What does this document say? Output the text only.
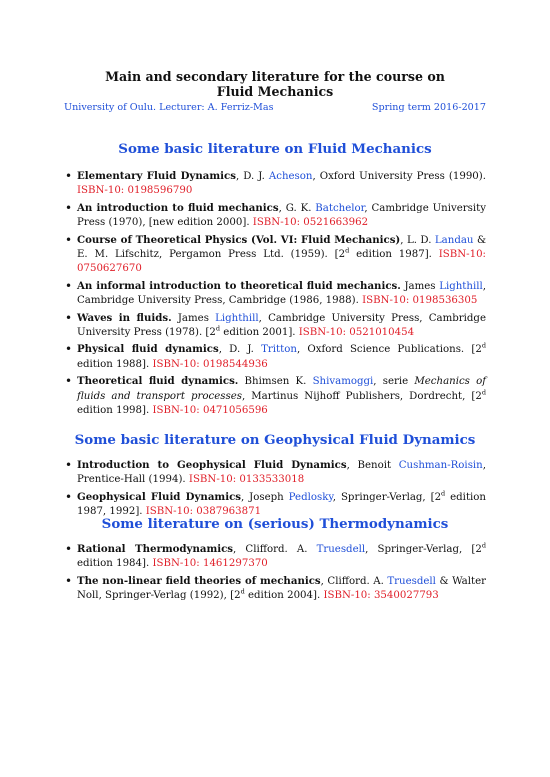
Main and secondary literature for the course on
Fluid Mechanics
University of Oulu. Lecturer: A. Ferriz-Mas	Spring term 2016-2017
Some basic literature on Fluid Mechanics
• Elementary Fluid Dynamics, D. J. Acheson, Oxford University Press (1990). ISBN-10: 0198596790
• An introduction to fluid mechanics, G. K. Batchelor, Cambridge University Press (1970), [new edition 2000]. ISBN-10: 0521663962
• Course of Theoretical Physics (Vol. VI: Fluid Mechanics), L. D. Landau & E. M. Lifschitz, Pergamon Press Ltd. (1959). [2$^d$ edition 1987]. ISBN-10: 0750627670
• An informal introduction to theoretical fluid mechanics. James Lighthill, Cambridge University Press, Cambridge (1986, 1988). ISBN-10: 0198536305
• Waves in fluids. James Lighthill, Cambridge University Press, Cambridge University Press (1978). [2$^d$ edition 2001]. ISBN-10: 0521010454
• Physical fluid dynamics, D. J. Tritton, Oxford Science Publications. [2$^d$ edition 1988]. ISBN-10: 0198544936
• Theoretical fluid dynamics. Bhimsen K. Shivamoggi, serie Mechanics of fluids and transport processes, Martinus Nijhoff Publishers, Dordrecht, [2$^d$ edition 1998]. ISBN-10: 0471056596
Some basic literature on Geophysical Fluid Dynamics
• Introduction to Geophysical Fluid Dynamics, Benoit Cushman-Roisin, Prentice-Hall (1994). ISBN-10: 0133533018
• Geophysical Fluid Dynamics, Joseph Pedlosky, Springer-Verlag, [2$^d$ edition 1987, 1992]. ISBN-10: 0387963871
Some literature on (serious) Thermodynamics
• Rational Thermodynamics, Clifford. A. Truesdell, Springer-Verlag, [2$^d$ edition 1984]. ISBN-10: 1461297370
• The non-linear field theories of mechanics, Clifford. A. Truesdell & Walter Noll, Springer-Verlag (1992), [2$^d$ edition 2004]. ISBN-10: 3540027793
